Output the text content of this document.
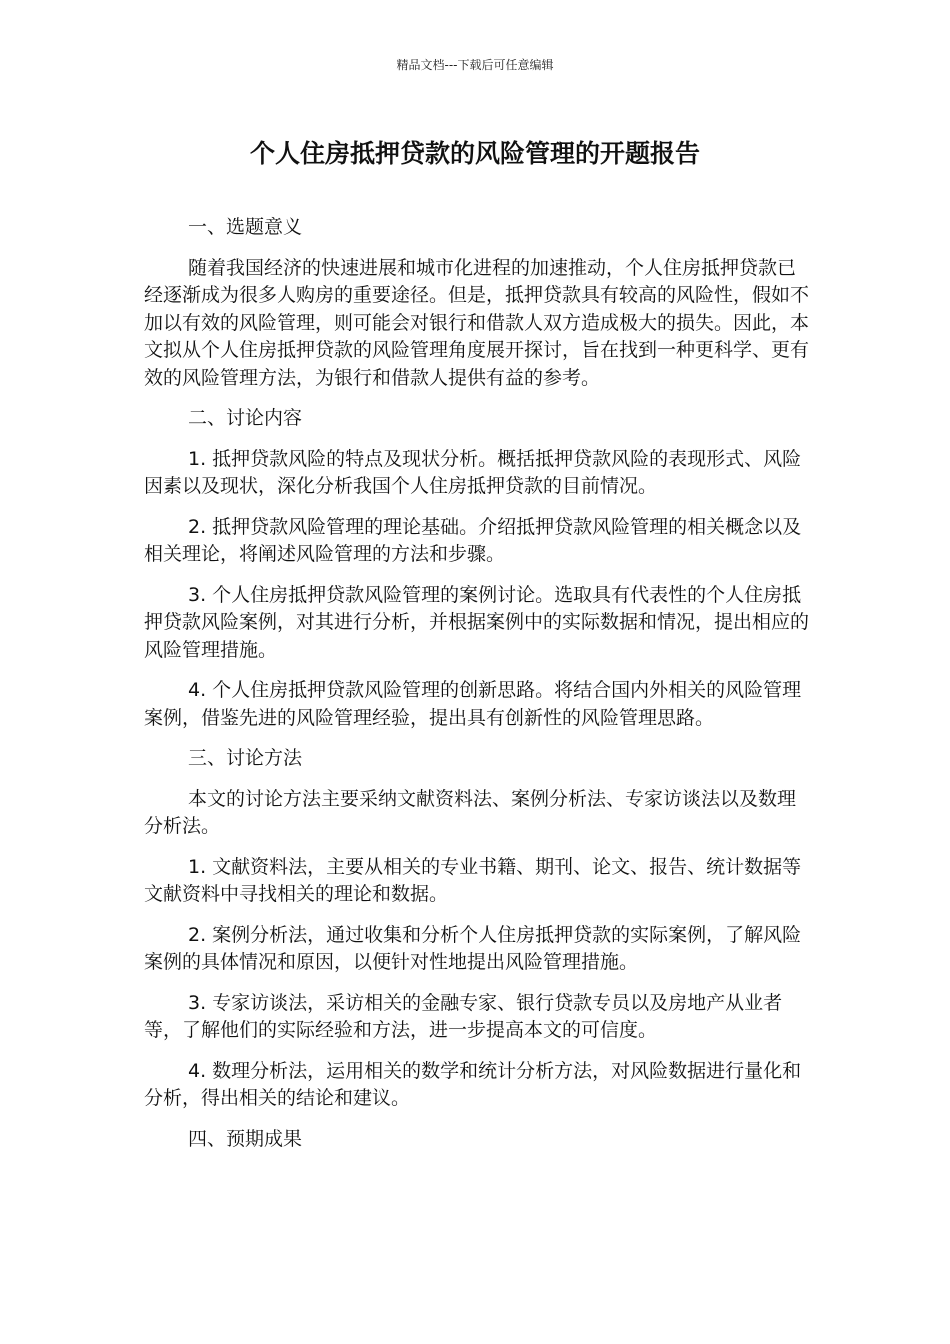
精品文档---下载后可任意编辑
个人住房抵押贷款的风险管理的开题报告

一、选题意义

随着我国经济的快速进展和城市化进程的加速推动，个人住房抵押贷款已经逐渐成为很多人购房的重要途径。但是，抵押贷款具有较高的风险性，假如不加以有效的风险管理，则可能会对银行和借款人双方造成极大的损失。因此，本文拟从个人住房抵押贷款的风险管理角度展开探讨，旨在找到一种更科学、更有效的风险管理方法，为银行和借款人提供有益的参考。

二、讨论内容

1. 抵押贷款风险的特点及现状分析。概括抵押贷款风险的表现形式、风险因素以及现状，深化分析我国个人住房抵押贷款的目前情况。

2. 抵押贷款风险管理的理论基础。介绍抵押贷款风险管理的相关概念以及相关理论，将阐述风险管理的方法和步骤。

3. 个人住房抵押贷款风险管理的案例讨论。选取具有代表性的个人住房抵押贷款风险案例，对其进行分析，并根据案例中的实际数据和情况，提出相应的风险管理措施。

4. 个人住房抵押贷款风险管理的创新思路。将结合国内外相关的风险管理案例，借鉴先进的风险管理经验，提出具有创新性的风险管理思路。

三、讨论方法

本文的讨论方法主要采纳文献资料法、案例分析法、专家访谈法以及数理分析法。

1. 文献资料法，主要从相关的专业书籍、期刊、论文、报告、统计数据等文献资料中寻找相关的理论和数据。

2. 案例分析法，通过收集和分析个人住房抵押贷款的实际案例，了解风险案例的具体情况和原因，以便针对性地提出风险管理措施。

3. 专家访谈法，采访相关的金融专家、银行贷款专员以及房地产从业者等，了解他们的实际经验和方法，进一步提高本文的可信度。

4. 数理分析法，运用相关的数学和统计分析方法，对风险数据进行量化和分析，得出相关的结论和建议。

四、预期成果
